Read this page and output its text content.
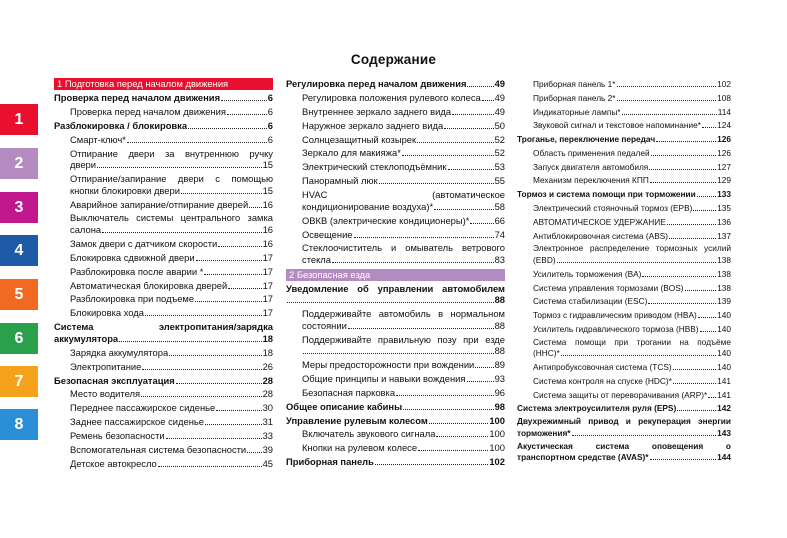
Содержание
1
2
3
4
5
6
7
8
1 Подготовка перед началом движения
Проверка перед началом движения	6
Проверка перед началом движения	6
Разблокировка / блокировка	6
Смарт-ключ*	6
Отпирание двери за внутреннюю ручку
двери	15
Отпирание/запирание двери с помощью
кнопки блокировки двери	15
Аварийное запирание/отпирание дверей 16
Выключатель системы центрального замка
салона	16
Замок двери с датчиком скорости	16
Блокировка сдвижной двери	17
Разблокировка после аварии *	17
Автоматическая блокировка дверей	17
Разблокировка при подъеме	17
Блокировка хода	17
Система электропитания/зарядка
аккумулятора	18
Зарядка аккумулятора	18
Электропитание	26
Безопасная эксплуатация	28
Место водителя	28
Переднее пассажирское сиденье	30
Заднее пассажирское сиденье	31
Ремень безопасности	33
Вспомогательная система безопасности 39
Детское автокресло	45
Регулировка перед началом движения	49
Регулировка положения рулевого колеса 49
Внутреннее зеркало заднего вида	49
Наружное зеркало заднего вида	50
Солнцезащитный козырек	52
Зеркало для макияжа*	52
Электрический стеклоподъёмник	53
Панорамный люк	55
HVAC (автоматическое
кондиционирование воздуха)*	58
ОВКВ (электрические кондиционеры)*	66
Освещение	74
Стеклоочиститель и омыватель ветрового
стекла	83
2 Безопасная езда
Уведомление об управлении автомобилем
88
Поддерживайте автомобиль в нормальном
состоянии	88
Поддерживайте правильную позу при езде
88
Меры предосторожности при вождении 89
Общие принципы и навыки вождения	93
Безопасная парковка	96
Общее описание кабины	98
Управление рулевым колесом	100
Включатель звукового сигнала	100
Кнопки на рулевом колесе	100
Приборная панель	102
Приборная панель 1*	102
Приборная панель 2*	108
Индикаторные лампы*	114
Звуковой сигнал и текстовое напоминание* 124
Троганье, переключение передач	126
Область применения педалей	126
Запуск двигателя автомобиля	127
Механизм переключения КПП	129
Тормоз и система помощи при торможении	133
Электрический стояночный тормоз (EPB)	135
АВТОМАТИЧЕСКОЕ УДЕРЖАНИЕ	136
Антиблокировочная система (ABS)	137
Электронное распределение тормозных усилий
(EBD)	138
Усилитель торможения (BA)	138
Система управления тормозами (BOS)	138
Система стабилизации (ESC)	139
Тормоз с гидравлическим приводом (HBA) 140
Усилитель гидравлического тормоза (HBB) 140
Система помощи при трогании на подъёме
(HHC)*	140
Антипробуксовочная система (TCS)	140
Система контроля на спуске (HDC)*	141
Система защиты от переворачивания (ARP)* 141
Система электроусилителя руля (EPS)	142
Двухрежимный привод и рекуперация энергии
торможения*	143
Акустическая система оповещения о
транспортном средстве (AVAS)*	144
